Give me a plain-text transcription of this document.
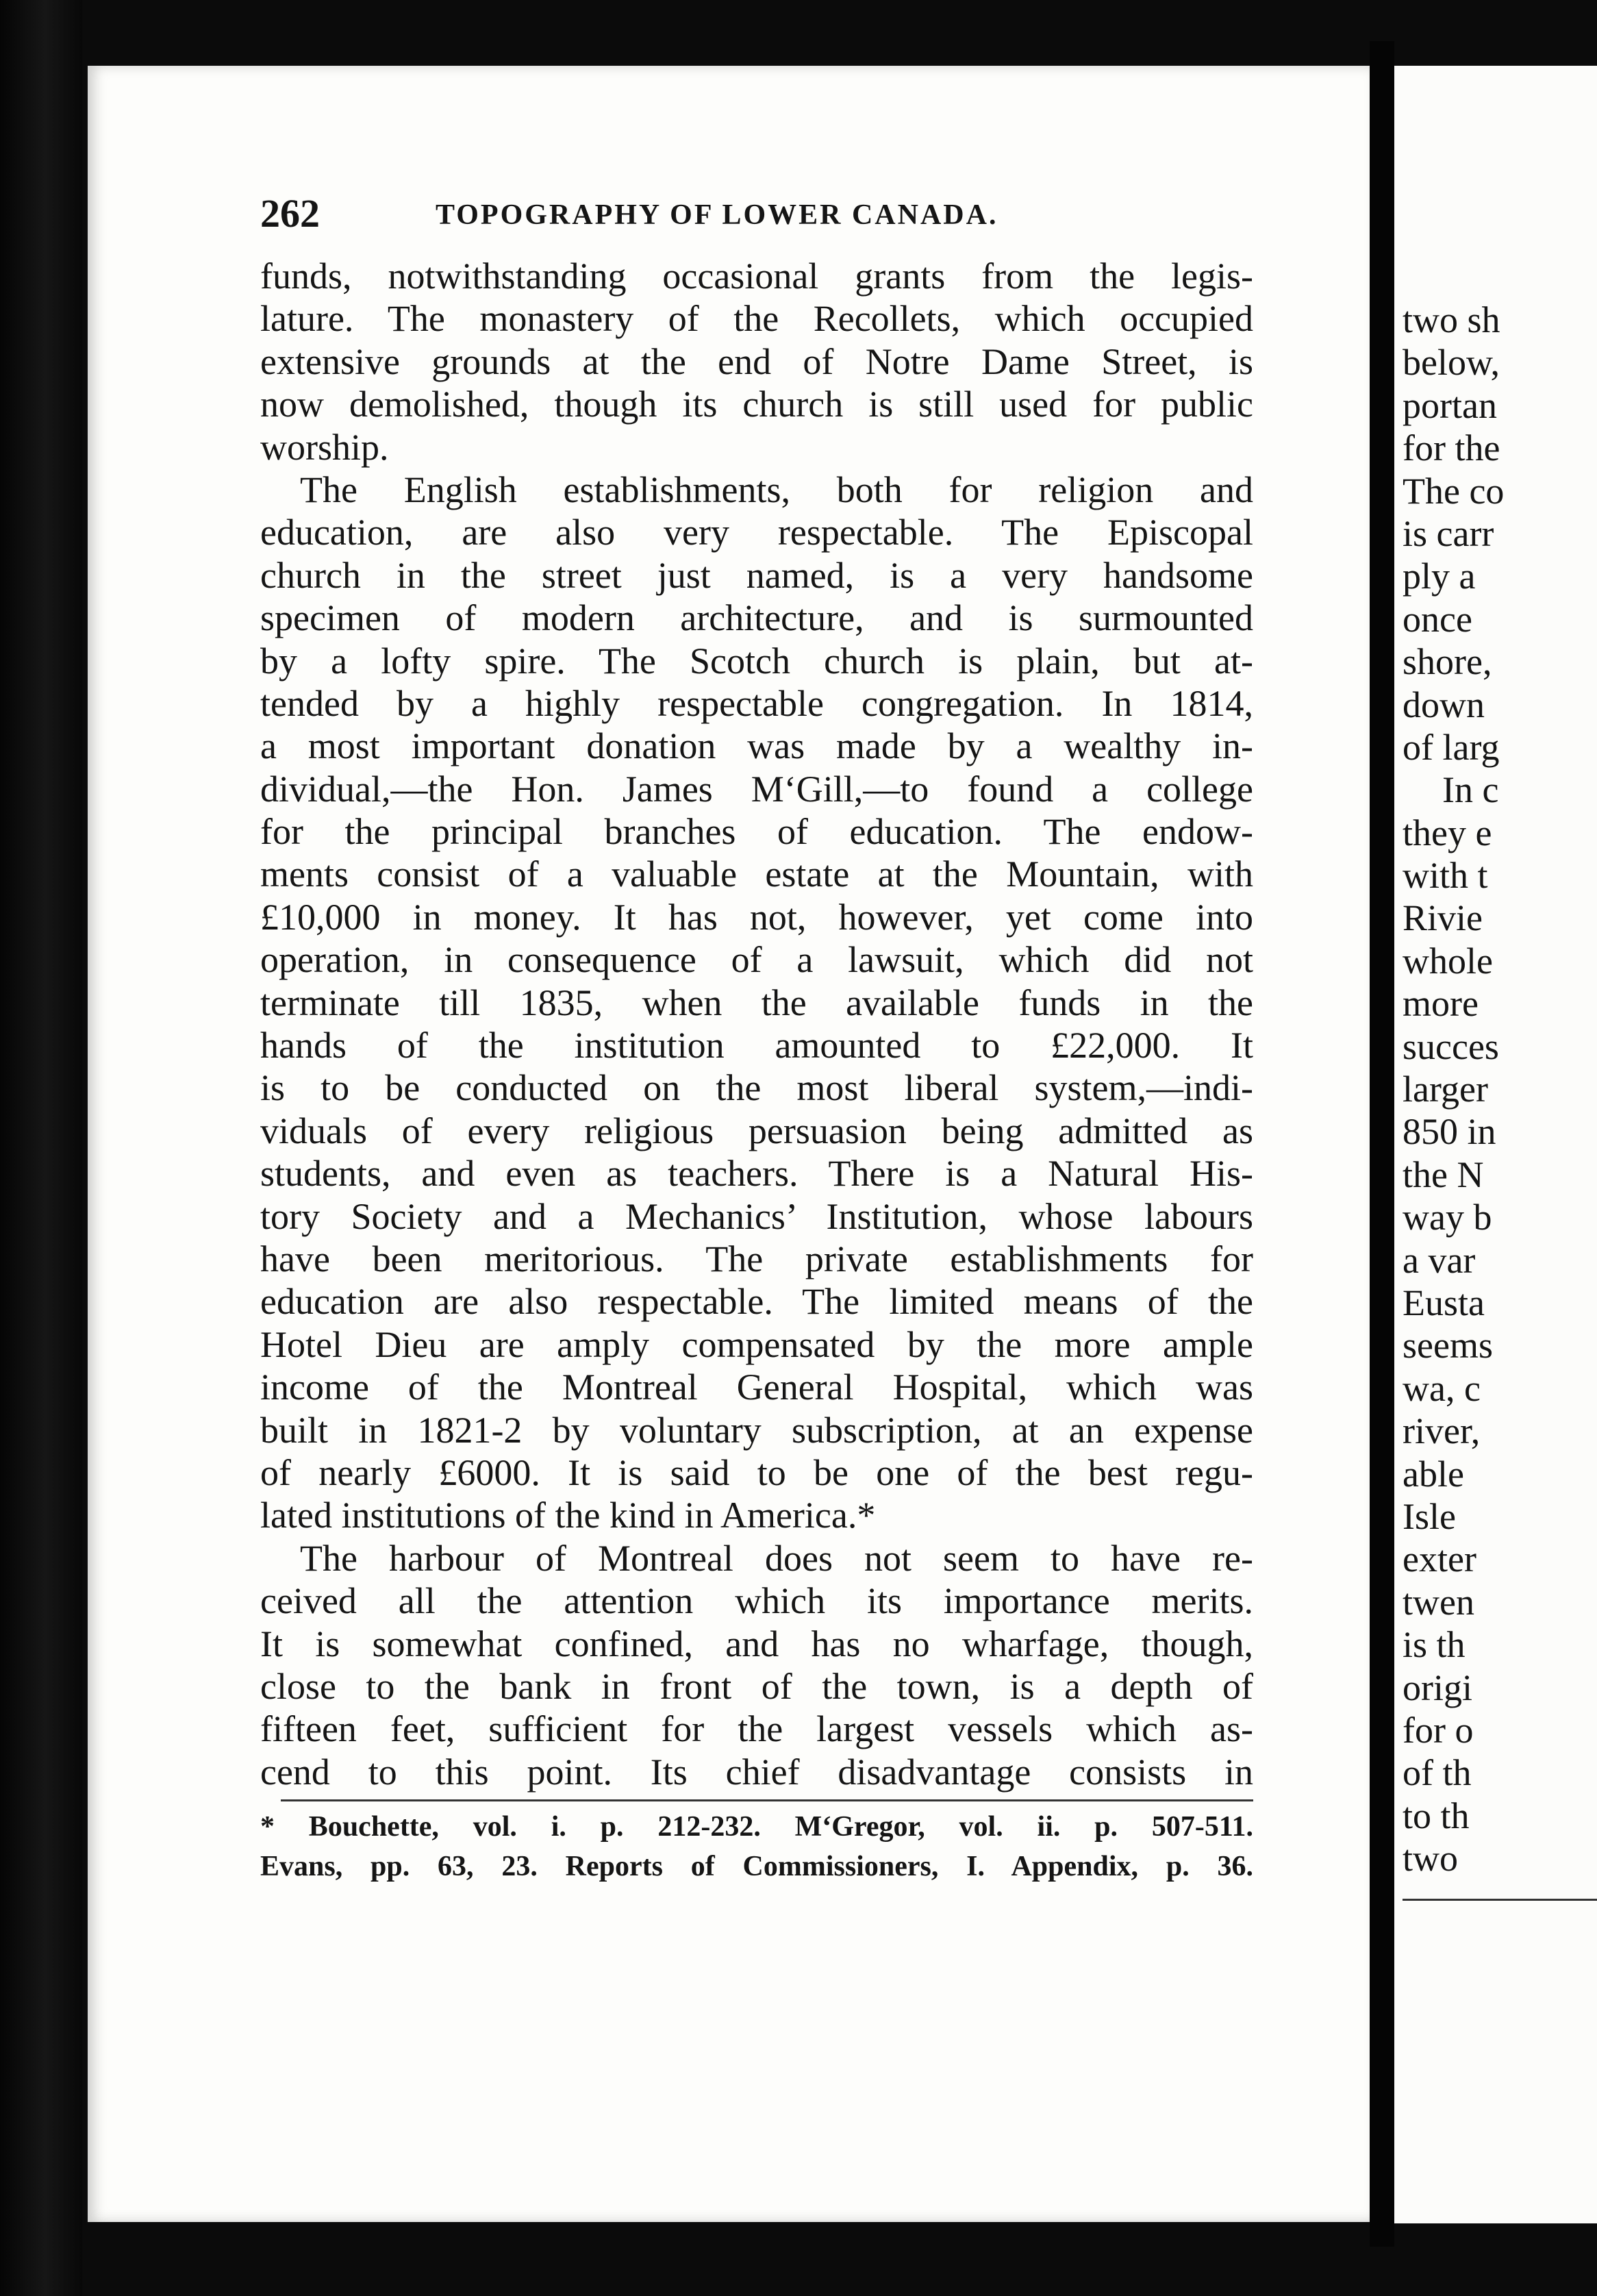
262	TOPOGRAPHY OF LOWER CANADA.
funds, notwithstanding occasional grants from the legis-
lature. The monastery of the Recollets, which occupied
extensive grounds at the end of Notre Dame Street, is
now demolished, though its church is still used for public
worship.
The English establishments, both for religion and
education, are also very respectable. The Episcopal
church in the street just named, is a very handsome
specimen of modern architecture, and is surmounted
by a lofty spire. The Scotch church is plain, but at-
tended by a highly respectable congregation. In 1814,
a most important donation was made by a wealthy in-
dividual,—the Hon. James M‘Gill,—to found a college
for the principal branches of education. The endow-
ments consist of a valuable estate at the Mountain, with
£10,000 in money. It has not, however, yet come into
operation, in consequence of a lawsuit, which did not
terminate till 1835, when the available funds in the
hands of the institution amounted to £22,000. It
is to be conducted on the most liberal system,—indi-
viduals of every religious persuasion being admitted as
students, and even as teachers. There is a Natural His-
tory Society and a Mechanics’ Institution, whose labours
have been meritorious. The private establishments for
education are also respectable. The limited means of the
Hotel Dieu are amply compensated by the more ample
income of the Montreal General Hospital, which was
built in 1821-2 by voluntary subscription, at an expense
of nearly £6000. It is said to be one of the best regu-
lated institutions of the kind in America.*
The harbour of Montreal does not seem to have re-
ceived all the attention which its importance merits.
It is somewhat confined, and has no wharfage, though,
close to the bank in front of the town, is a depth of
fifteen feet, sufficient for the largest vessels which as-
cend to this point. Its chief disadvantage consists in
* Bouchette, vol. i. p. 212-232. M‘Gregor, vol. ii. p. 507-511.
Evans, pp. 63, 23. Reports of Commissioners, I. Appendix, p. 36.
two sh
below,
portan
for the
The co
is carr
ply a
once
shore,
down
of larg
In c
they e
with t
Rivie
whole
more
succes
larger
850 in
the N
way b
a var
Eusta
seems
wa, c
river,
able
Isle
exter
twen
is th
origi
for o
of th
to th
two
